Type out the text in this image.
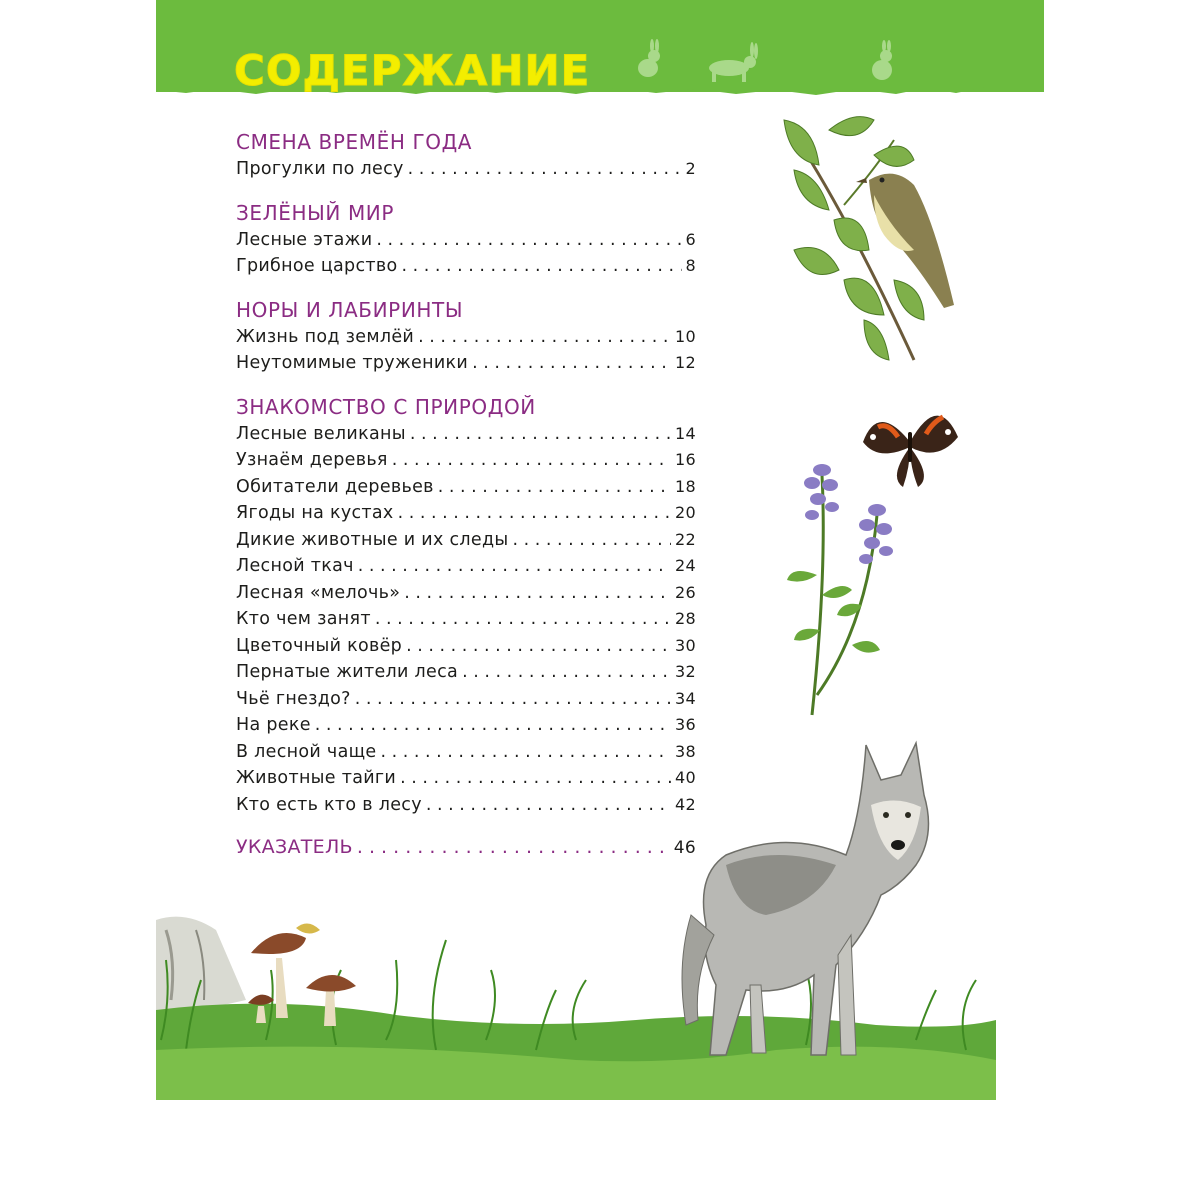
СОДЕРЖАНИЕ
СМЕНА ВРЕМЁН ГОДА
Прогулки по лесу . . .	2
ЗЕЛЁНЫЙ МИР
Лесные этажи . . .	6
Грибное царство . . .	8
НОРЫ И ЛАБИРИНТЫ
Жизнь под землёй . . .	10
Неутомимые труженики . . .	12
ЗНАКОМСТВО С ПРИРОДОЙ
Лесные великаны . . .	14
Узнаём деревья . . .	16
Обитатели деревьев . . .	18
Ягоды на кустах . . .	20
Дикие животные и их следы . . .	22
Лесной ткач . . .	24
Лесная «мелочь» . . .	26
Кто чем занят . . .	28
Цветочный ковёр . . .	30
Пернатые жители леса . . .	32
Чьё гнездо? . . .	34
На реке . . .	36
В лесной чаще . . .	38
Животные тайги . . .	40
Кто есть кто в лесу . . .	42
УКАЗАТЕЛЬ . . .	46
